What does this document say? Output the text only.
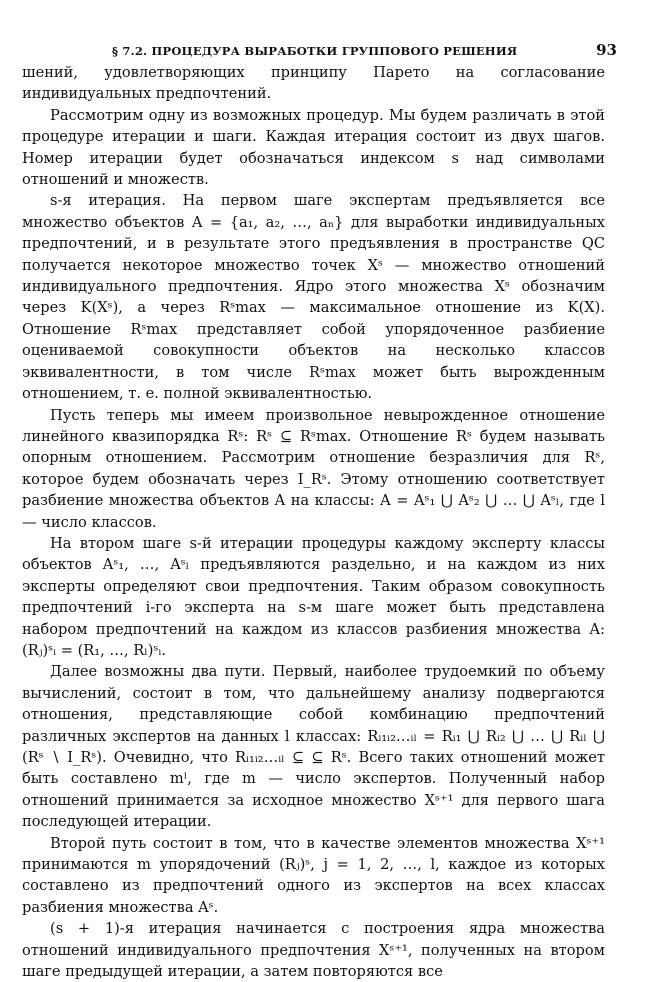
§ 7.2. ПРОЦЕДУРА ВЫРАБОТКИ ГРУППОВОГО РЕШЕНИЯ	93

шений, удовлетворяющих принципу Парето на согласование индивидуальных предпочтений.

Рассмотрим одну из возможных процедур. Мы будем различать в этой процедуре итерации и шаги. Каждая итерация состоит из двух шагов. Номер итерации будет обозначаться индексом s над символами отношений и множеств.

s-я итерация. На первом шаге экспертам предъявляется все множество объектов A = {a₁, a₂, …, aₙ} для выработки индивидуальных предпочтений, и в результате этого предъявления в пространстве QC получается некоторое множество точек Xˢ — множество отношений индивидуального предпочтения. Ядро этого множества Xˢ обозначим через K(Xˢ), а через Rˢmax — максимальное отношение из K(X). Отношение Rˢmax представляет собой упорядоченное разбиение оцениваемой совокупности объектов на несколько классов эквивалентности, в том числе Rˢmax может быть вырожденным отношением, т. е. полной эквивалентностью.

Пусть теперь мы имеем произвольное невырожденное отношение линейного квазипорядка Rˢ: Rˢ ⊆ Rˢmax. Отношение Rˢ будем называть опорным отношением. Рассмотрим отношение безразличия для Rˢ, которое будем обозначать через I_Rˢ. Этому отношению соответствует разбиение множества объектов A на классы: A = Aˢ₁ ⋃ Aˢ₂ ⋃ … ⋃ Aˢₗ, где l — число классов.

На втором шаге s-й итерации процедуры каждому эксперту классы объектов Aˢ₁, …, Aˢₗ предъявляются раздельно, и на каждом из них эксперты определяют свои предпочтения. Таким образом совокупность предпочтений i-го эксперта на s-м шаге может быть представлена набором предпочтений на каждом из классов разбиения множества A: (Rⱼ)ˢᵢ = (R₁, …, Rₗ)ˢᵢ.

Далее возможны два пути. Первый, наиболее трудоемкий по объему вычислений, состоит в том, что дальнейшему анализу подвергаются отношения, представляющие собой комбинацию предпочтений различных экспертов на данных l классах: Rᵢ₁ᵢ₂…ᵢₗ = Rᵢ₁ ⋃ Rᵢ₂ ⋃ … ⋃ Rᵢₗ ⋃ (Rˢ ∖ I_Rˢ). Очевидно, что Rᵢ₁ᵢ₂…ᵢₗ ⊆ ⊆ Rˢ. Всего таких отношений может быть составлено mˡ, где m — число экспертов. Полученный набор отношений принимается за исходное множество Xˢ⁺¹ для первого шага последующей итерации.

Второй путь состоит в том, что в качестве элементов множества Xˢ⁺¹ принимаются m упорядочений (Rⱼ)ˢ, j = 1, 2, …, l, каждое из которых составлено из предпочтений одного из экспертов на всех классах разбиения множества Aˢ.

(s + 1)-я итерация начинается с построения ядра множества отношений индивидуального предпочтения Xˢ⁺¹, полученных на втором шаге предыдущей итерации, а затем повторяются все
